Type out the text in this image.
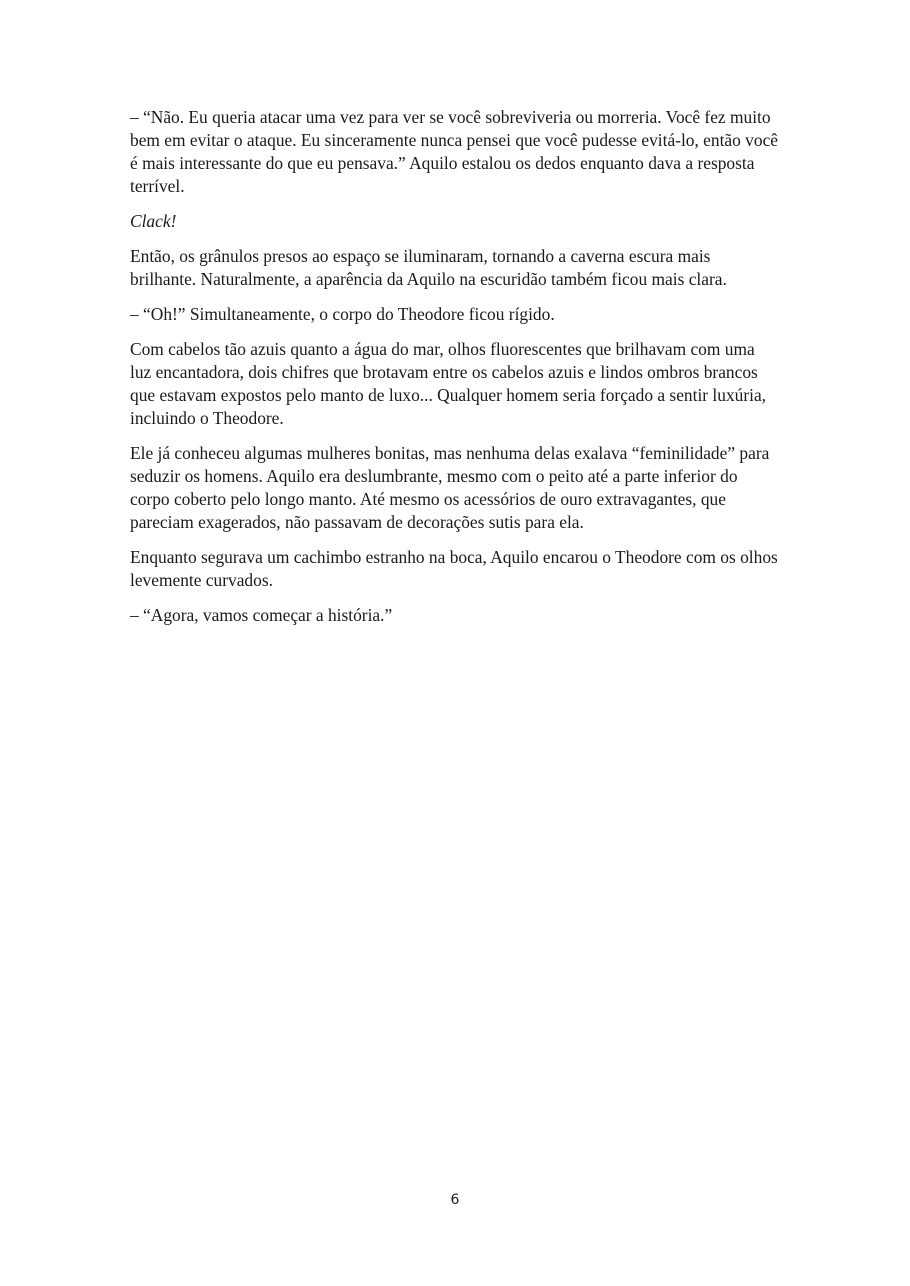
– “Não. Eu queria atacar uma vez para ver se você sobreviveria ou morreria. Você fez muito bem em evitar o ataque. Eu sinceramente nunca pensei que você pudesse evitá-lo, então você é mais interessante do que eu pensava.” Aquilo estalou os dedos enquanto dava a resposta terrível.

Clack!

Então, os grânulos presos ao espaço se iluminaram, tornando a caverna escura mais brilhante. Naturalmente, a aparência da Aquilo na escuridão também ficou mais clara.

– “Oh!” Simultaneamente, o corpo do Theodore ficou rígido.

Com cabelos tão azuis quanto a água do mar, olhos fluorescentes que brilhavam com uma luz encantadora, dois chifres que brotavam entre os cabelos azuis e lindos ombros brancos que estavam expostos pelo manto de luxo... Qualquer homem seria forçado a sentir luxúria, incluindo o Theodore.

Ele já conheceu algumas mulheres bonitas, mas nenhuma delas exalava “feminilidade” para seduzir os homens. Aquilo era deslumbrante, mesmo com o peito até a parte inferior do corpo coberto pelo longo manto. Até mesmo os acessórios de ouro extravagantes, que pareciam exagerados, não passavam de decorações sutis para ela.

Enquanto segurava um cachimbo estranho na boca, Aquilo encarou o Theodore com os olhos levemente curvados.

– “Agora, vamos começar a história.”

6
